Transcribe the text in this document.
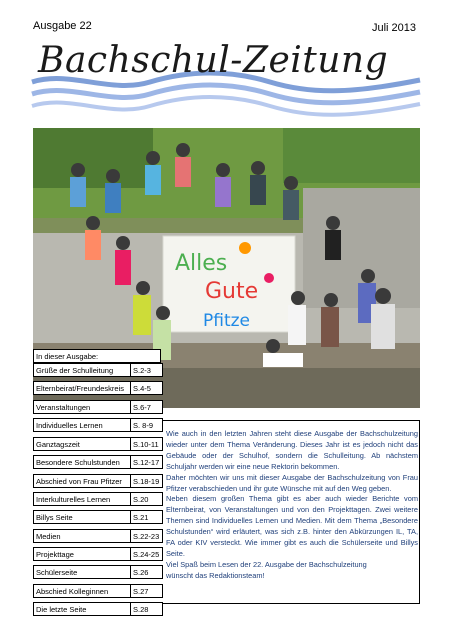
Ausgabe 22	Juli 2013
Bachschul-Zeitung
Alles
Gute
Pfitze
In dieser Ausgabe:
Grüße der Schulleitung	S.2-3
Elternbeirat/Freundeskreis	S.4-5
Veranstaltungen	S.6-7
Individuelles Lernen	S. 8-9
Ganztagszeit	S.10-11
Besondere Schulstunden	S.12-17
Abschied von Frau Pfitzer	S.18-19
Interkulturelles Lernen	S.20
Billys Seite	S.21
Medien	S.22-23
Projekttage	S.24-25
Schülerseite	S.26
Abschied Kolleginnen	S.27
Die letzte Seite	S.28

Wie auch in den letzten Jahren steht diese Ausgabe der Bachschulzeitung wieder unter dem Thema Veränderung. Dieses Jahr ist es jedoch nicht das Gebäude oder der Schulhof, sondern die Schulleitung. Ab nächstem Schuljahr werden wir eine neue Rektorin bekommen.

Daher möchten wir uns mit dieser Ausgabe der Bachschulzeitung von Frau Pfitzer verabschieden und ihr gute Wünsche mit auf den Weg geben.

Neben diesem großen Thema gibt es aber auch wieder Berichte vom Elternbeirat, von Veranstaltungen und von den Projekttagen. Zwei weitere Themen sind Individuelles Lernen und Medien. Mit dem Thema „Besondere Schulstunden“ wird erläutert, was sich z.B. hinter den Abkürzungen IL, TA, FA oder KIV versteckt. Wie immer gibt es auch die Schülerseite und Billys Seite.

Viel Spaß beim Lesen der 22. Ausgabe der Bachschulzeitung

wünscht das Redaktionsteam!
